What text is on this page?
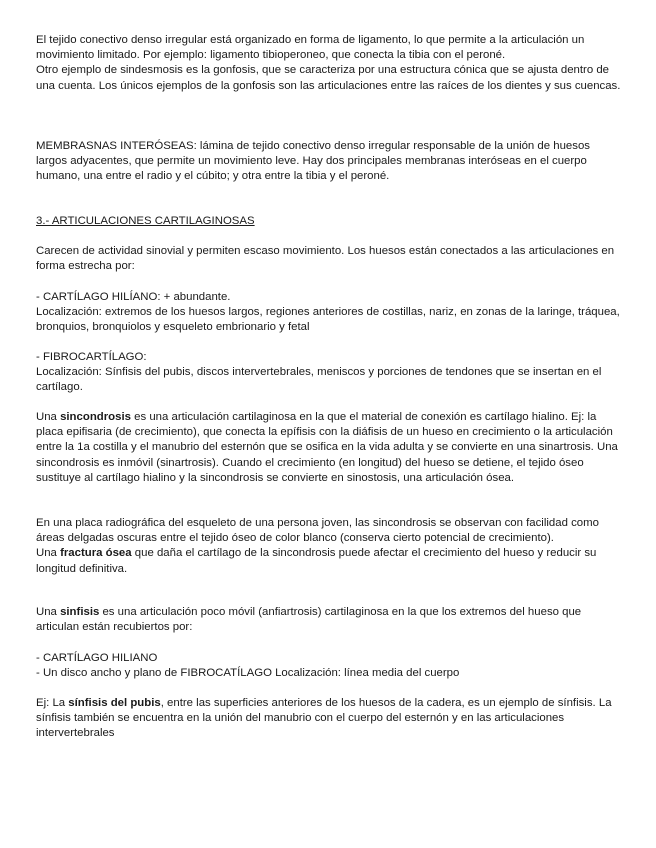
El tejido conectivo denso irregular está organizado en forma de ligamento, lo que permite a la articulación un movimiento limitado. Por ejemplo: ligamento tibioperoneo, que conecta la tibia con el peroné.

Otro ejemplo de sindesmosis es la gonfosis, que se caracteriza por una estructura cónica que se ajusta dentro de una cuenta. Los únicos ejemplos de la gonfosis son las articulaciones entre las raíces de los dientes y sus cuencas.

MEMBRASNAS INTERÓSEAS: lámina de tejido conectivo denso irregular responsable de la unión de huesos largos adyacentes, que permite un movimiento leve. Hay dos principales membranas interóseas en el cuerpo humano, una entre el radio y el cúbito; y otra entre la tibia y el peroné.

3.- ARTICULACIONES CARTILAGINOSAS

Carecen de actividad sinovial y permiten escaso movimiento. Los huesos están conectados a las articulaciones en forma estrecha por:

- CARTÍLAGO HILÍANO: + abundante.

Localización: extremos de los huesos largos, regiones anteriores de costillas, nariz, en zonas de la laringe, tráquea, bronquios, bronquiolos y esqueleto embrionario y fetal

- FIBROCARTÍLAGO:

Localización: Sínfisis del pubis, discos intervertebrales, meniscos y porciones de tendones que se insertan en el cartílago.

Una sincondrosis es una articulación cartilaginosa en la que el material de conexión es cartílago hialino. Ej: la placa epifisaria (de crecimiento), que conecta la epífisis con la diáfisis de un hueso en crecimiento o la articulación entre la 1a costilla y el manubrio del esternón que se osifica en la vida adulta y se convierte en una sinartrosis. Una sincondrosis es inmóvil (sinartrosis). Cuando el crecimiento (en longitud) del hueso se detiene, el tejido óseo sustituye al cartílago hialino y la sincondrosis se convierte en sinostosis, una articulación ósea.

En una placa radiográfica del esqueleto de una persona joven, las sincondrosis se observan con facilidad como áreas delgadas oscuras entre el tejido óseo de color blanco (conserva cierto potencial de crecimiento).

Una fractura ósea que daña el cartílago de la sincondrosis puede afectar el crecimiento del hueso y reducir su longitud definitiva.

Una sinfisis es una articulación poco móvil (anfiartrosis) cartilaginosa en la que los extremos del hueso que articulan están recubiertos por:

- CARTÍLAGO HILIANO

- Un disco ancho y plano de FIBROCATÍLAGO Localización: línea media del cuerpo

Ej: La sínfisis del pubis, entre las superficies anteriores de los huesos de la cadera, es un ejemplo de sínfisis. La sínfisis también se encuentra en la unión del manubrio con el cuerpo del esternón y en las articulaciones intervertebrales
